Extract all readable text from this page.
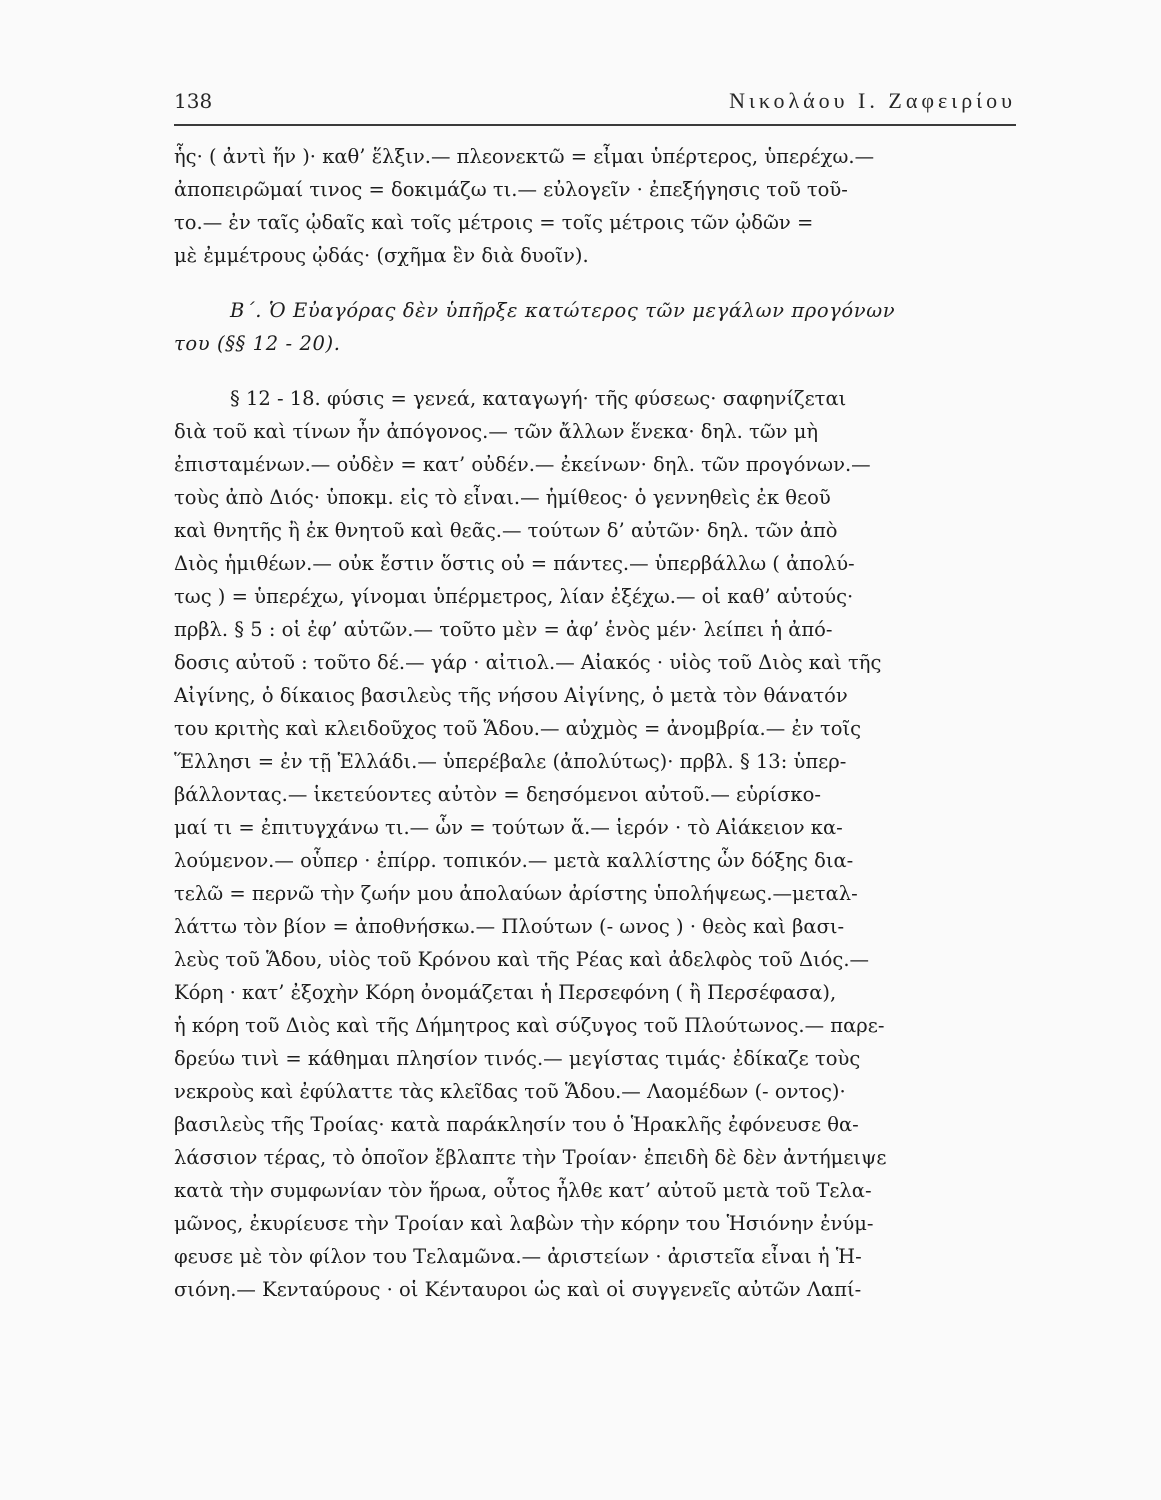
138	Νικολάου Ι. Ζαφειρίου
ἧς· ( ἀντὶ ἥν )· καθ’ ἕλξιν.— πλεονεκτῶ = εἶμαι ὑπέρτερος, ὑπερέχω.—
ἀποπειρῶμαί τινος = δοκιμάζω τι.— εὐλογεῖν · ἐπεξήγησις τοῦ τοῦ-
το.— ἐν ταῖς ᾠδαῖς καὶ τοῖς μέτροις = τοῖς μέτροις τῶν ᾠδῶν =
μὲ ἐμμέτρους ᾠδάς· (σχῆμα ἓν διὰ δυοῖν).
Β΄. Ὁ Εὐαγόρας δὲν ὑπῆρξε κατώτερος τῶν μεγάλων προγόνων
του (§§ 12 - 20).
§ 12 - 18. φύσις = γενεά, καταγωγή· τῆς φύσεως· σαφηνίζεται
διὰ τοῦ καὶ τίνων ἦν ἀπόγονος.— τῶν ἄλλων ἕνεκα· δηλ. τῶν μὴ
ἐπισταμένων.— οὐδὲν = κατ’ οὐδέν.— ἐκείνων· δηλ. τῶν προγόνων.—
τοὺς ἀπὸ Διός· ὑποκμ. εἰς τὸ εἶναι.— ἡμίθεος· ὁ γεννηθεὶς ἐκ θεοῦ
καὶ θνητῆς ἢ ἐκ θνητοῦ καὶ θεᾶς.— τούτων δ’ αὐτῶν· δηλ. τῶν ἀπὸ
Διὸς ἡμιθέων.— οὐκ ἔστιν ὅστις οὐ = πάντες.— ὑπερβάλλω ( ἀπολύ-
τως ) = ὑπερέχω, γίνομαι ὑπέρμετρος, λίαν ἐξέχω.— οἱ καθ’ αὑτούς·
πρβλ. § 5 : οἱ ἐφ’ αὑτῶν.— τοῦτο μὲν = ἀφ’ ἑνὸς μέν· λείπει ἡ ἀπό-
δοσις αὐτοῦ : τοῦτο δέ.— γάρ · αἰτιολ.— Αἰακός · υἱὸς τοῦ Διὸς καὶ τῆς
Αἰγίνης, ὁ δίκαιος βασιλεὺς τῆς νήσου Αἰγίνης, ὁ μετὰ τὸν θάνατόν
του κριτὴς καὶ κλειδοῦχος τοῦ Ἅδου.— αὐχμὸς = ἀνομβρία.— ἐν τοῖς
Ἕλλησι = ἐν τῇ Ἑλλάδι.— ὑπερέβαλε (ἀπολύτως)· πρβλ. § 13: ὑπερ-
βάλλοντας.— ἱκετεύοντες αὐτὸν = δεησόμενοι αὐτοῦ.— εὑρίσκο-
μαί τι = ἐπιτυγχάνω τι.— ὧν = τούτων ἅ.— ἱερόν · τὸ Αἰάκειον κα-
λούμενον.— οὗπερ · ἐπίρρ. τοπικόν.— μετὰ καλλίστης ὧν δόξης δια-
τελῶ = περνῶ τὴν ζωήν μου ἀπολαύων ἀρίστης ὑπολήψεως.—μεταλ-
λάττω τὸν βίον = ἀποθνήσκω.— Πλούτων (- ωνος ) · θεὸς καὶ βασι-
λεὺς τοῦ Ἅδου, υἱὸς τοῦ Κρόνου καὶ τῆς Ρέας καὶ ἀδελφὸς τοῦ Διός.—
Κόρη · κατ’ ἐξοχὴν Κόρη ὀνομάζεται ἡ Περσεφόνη ( ἢ Περσέφασα),
ἡ κόρη τοῦ Διὸς καὶ τῆς Δήμητρος καὶ σύζυγος τοῦ Πλούτωνος.— παρε-
δρεύω τινὶ = κάθημαι πλησίον τινός.— μεγίστας τιμάς· ἐδίκαζε τοὺς
νεκροὺς καὶ ἐφύλαττε τὰς κλεῖδας τοῦ Ἅδου.— Λαομέδων (- οντος)·
βασιλεὺς τῆς Τροίας· κατὰ παράκλησίν του ὁ Ἡρακλῆς ἐφόνευσε θα-
λάσσιον τέρας, τὸ ὁποῖον ἔβλαπτε τὴν Τροίαν· ἐπειδὴ δὲ δὲν ἀντήμειψε
κατὰ τὴν συμφωνίαν τὸν ἥρωα, οὗτος ἦλθε κατ’ αὐτοῦ μετὰ τοῦ Τελα-
μῶνος, ἐκυρίευσε τὴν Τροίαν καὶ λαβὼν τὴν κόρην του Ἡσιόνην ἐνύμ-
φευσε μὲ τὸν φίλον του Τελαμῶνα.— ἀριστείων · ἀριστεῖα εἶναι ἡ Ἡ-
σιόνη.— Κενταύρους · οἱ Κένταυροι ὡς καὶ οἱ συγγενεῖς αὐτῶν Λαπί-
